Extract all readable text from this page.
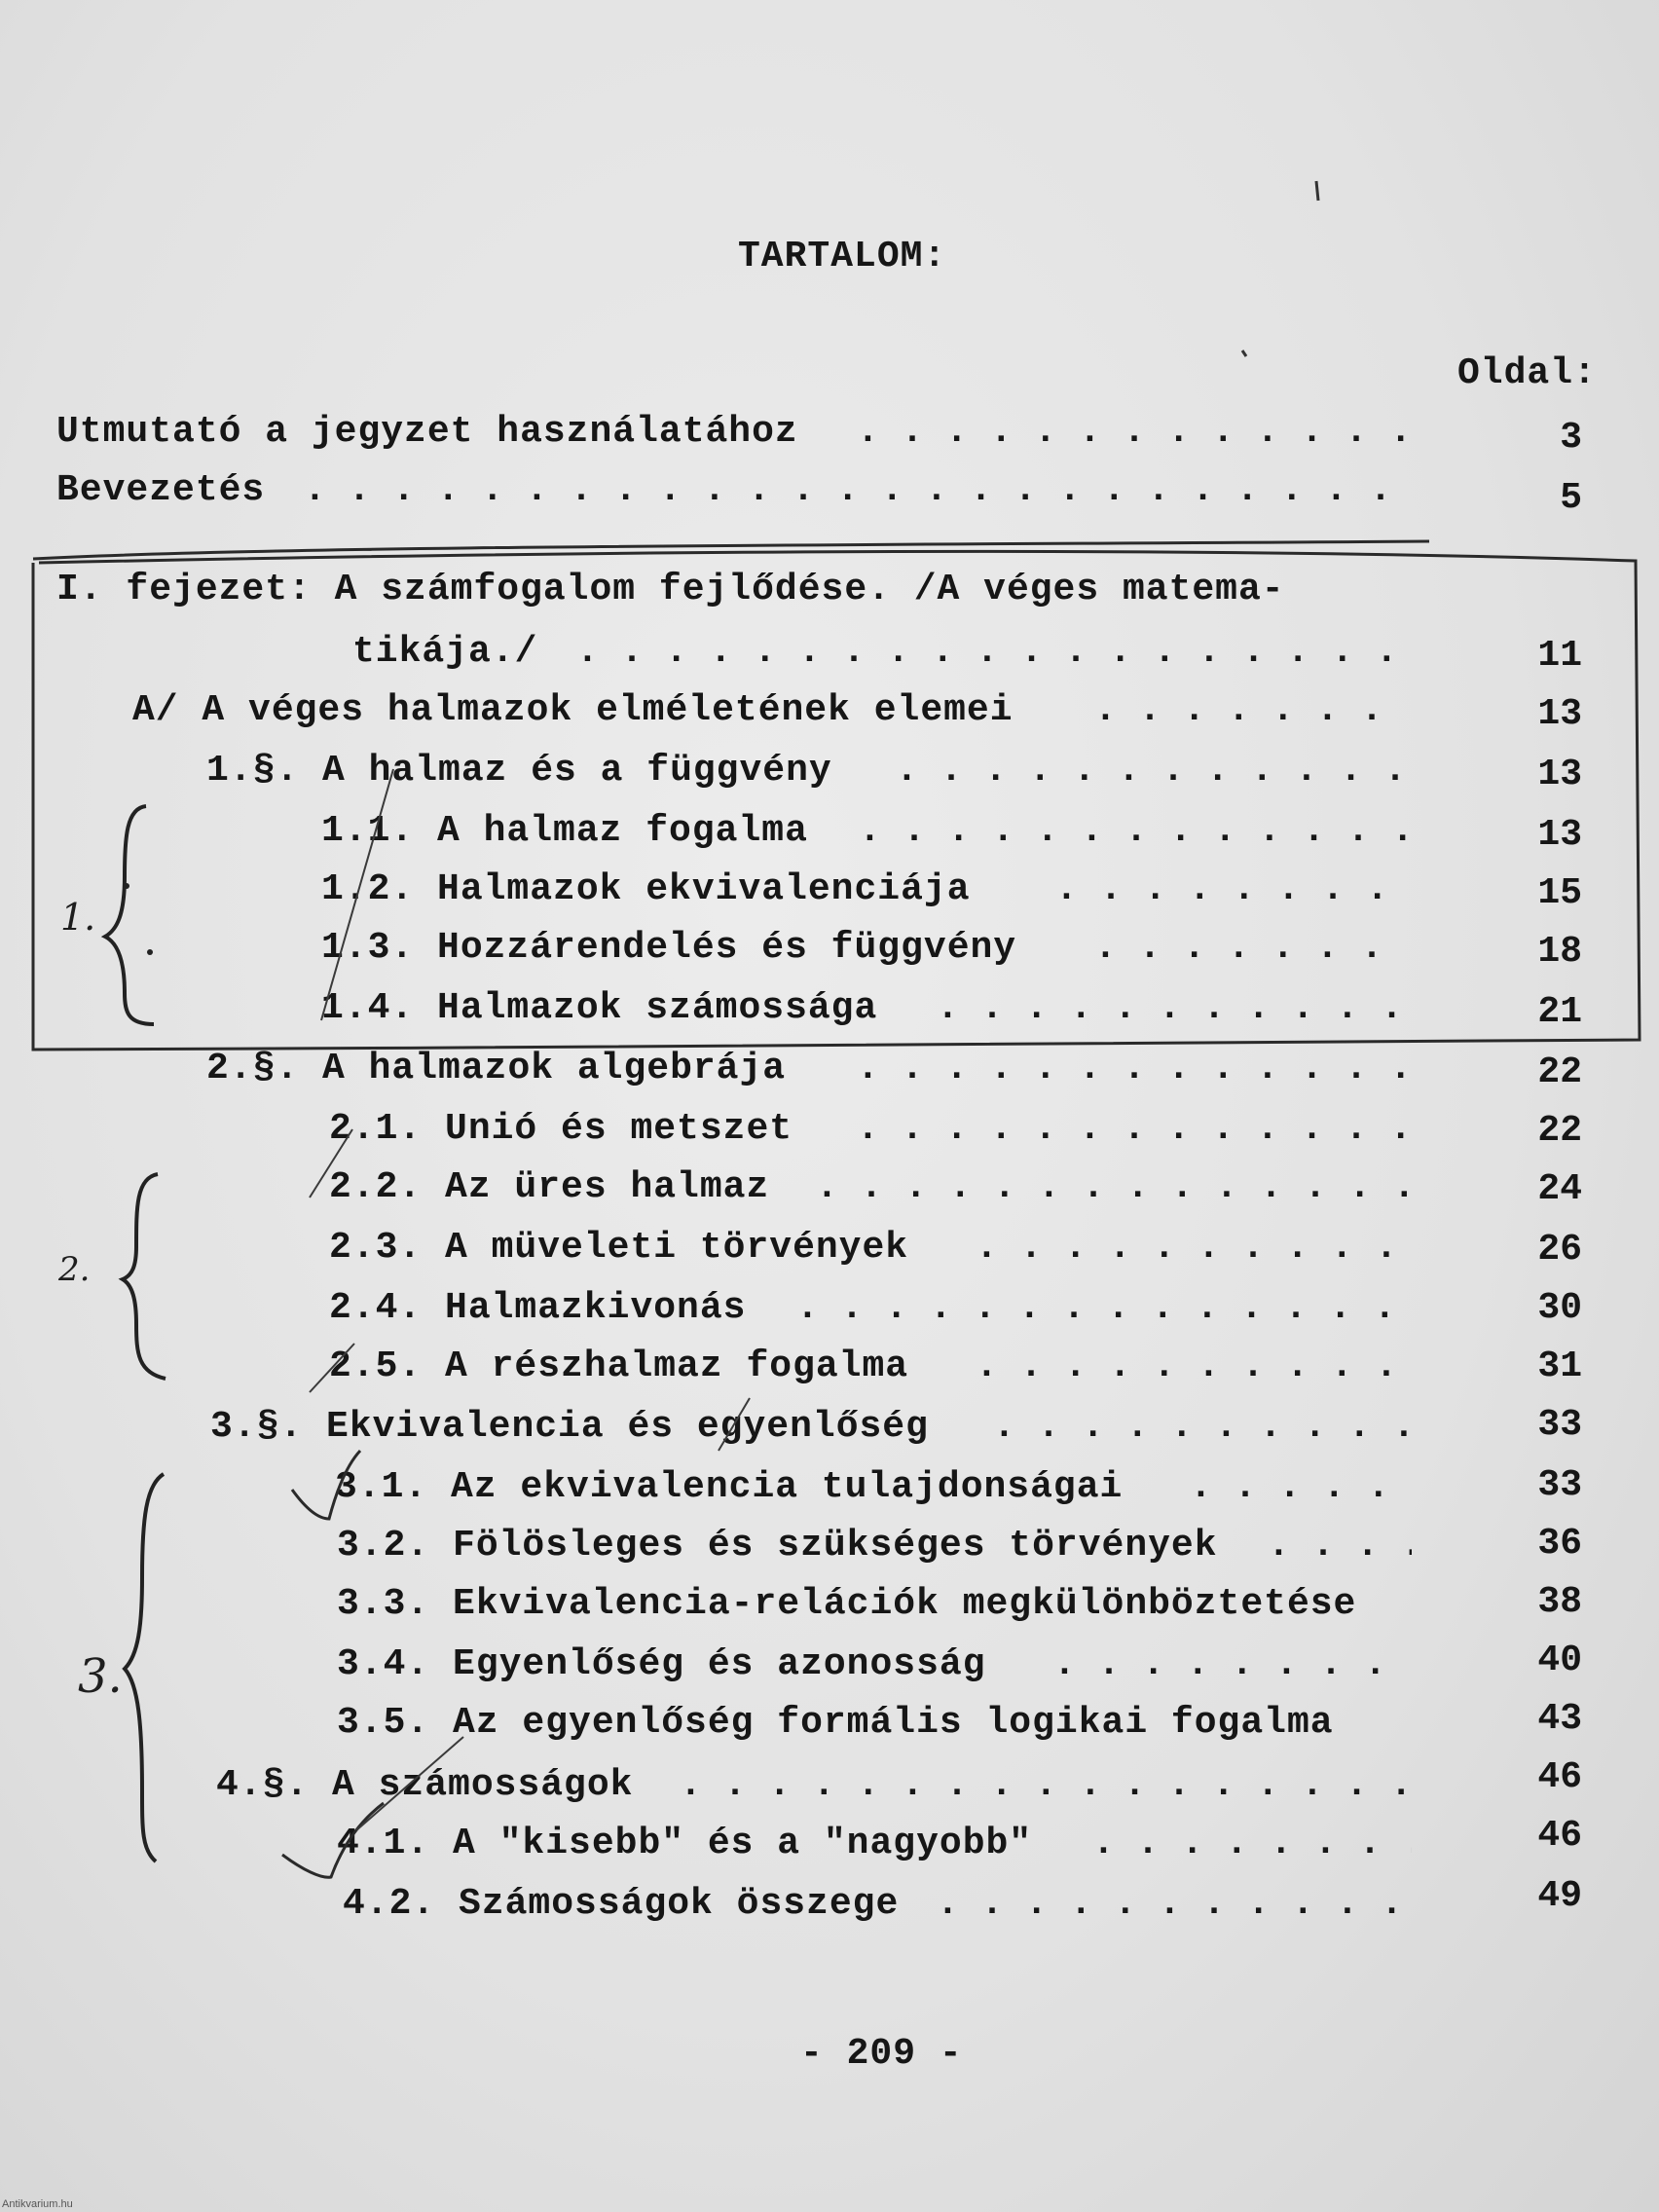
TARTALOM:
Oldal:
Utmutató a jegyzet használatához . . .	3
Bevezetés . . .	5
I. fejezet: A számfogalom fejlődése. /A véges matema-
tikája./ . . .	11
A/ A véges halmazok elméletének elemei . . .	13
1.§. A halmaz és a függvény . . .	13
1.1. A halmaz fogalma . . .	13
1.2. Halmazok ekvivalenciája . . .	15
1.3. Hozzárendelés és függvény . . .	18
1.4. Halmazok számossága . . .	21
2.§. A halmazok algebrája . . .	22
2.1. Unió és metszet . . .	22
2.2. Az üres halmaz . . .	24
2.3. A müveleti törvények . . .	26
2.4. Halmazkivonás . . .	30
2.5. A részhalmaz fogalma . . .	31
3.§. Ekvivalencia és egyenlőség . . .	33
3.1. Az ekvivalencia tulajdonságai . . .	33
3.2. Fölösleges és szükséges törvények . . .	36
3.3. Ekvivalencia-relációk megkülönböztetése	38
3.4. Egyenlőség és azonosság . . .	40
3.5. Az egyenlőség formális logikai fogalma	43
4.§. A számosságok . . .	46
4.1. A "kisebb" és a "nagyobb" . . .	46
4.2. Számosságok összege . . .	49
1.
2.
3.
- 209 -
Antikvarium.hu
